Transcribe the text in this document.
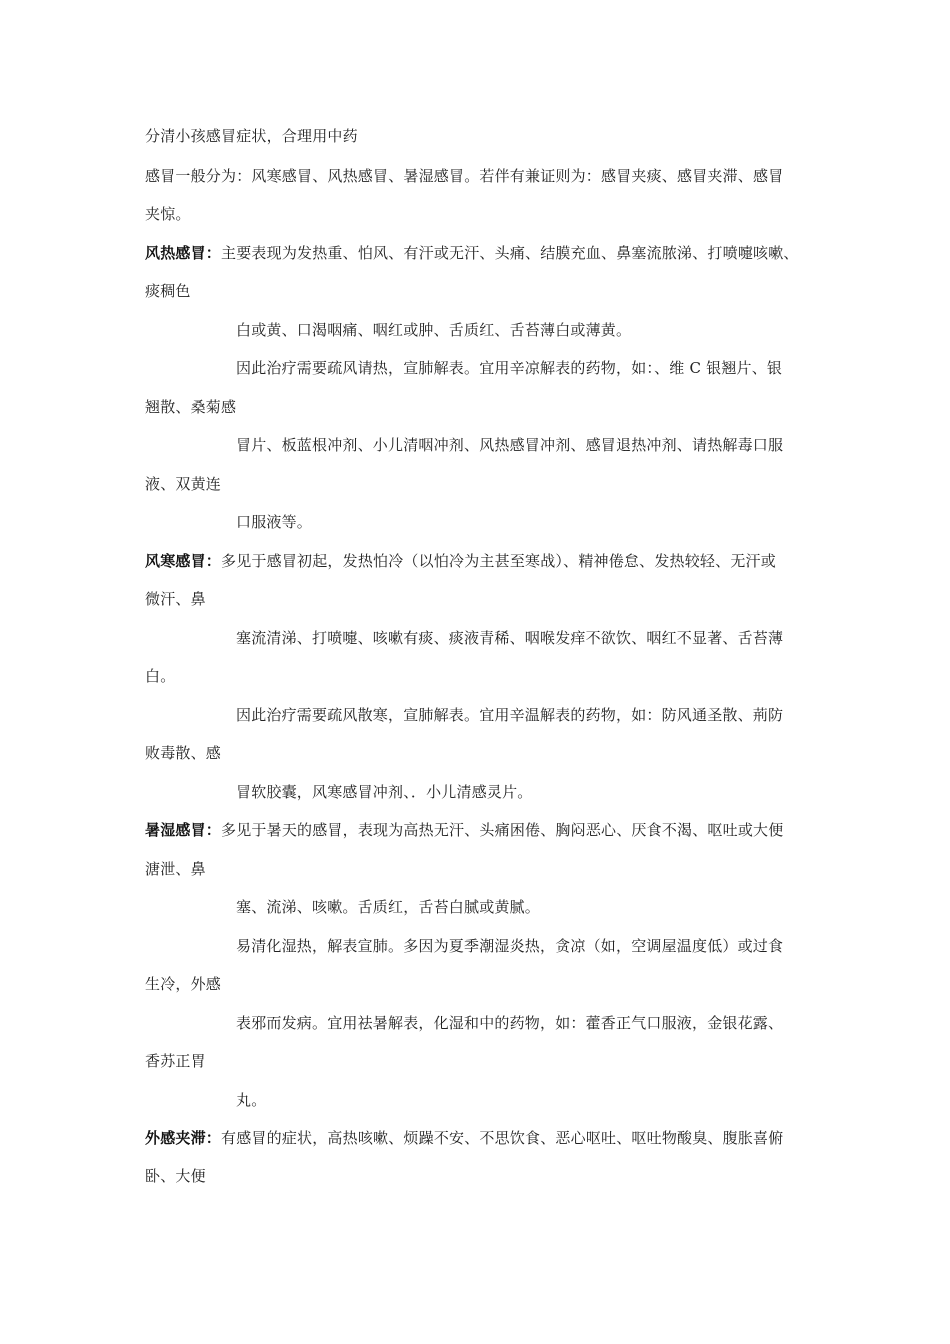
分清小孩感冒症状，合理用中药
感冒一般分为：风寒感冒、风热感冒、暑湿感冒。若伴有兼证则为：感冒夹痰、感冒夹滞、感冒
夹惊。
风热感冒：主要表现为发热重、怕风、有汗或无汗、头痛、结膜充血、鼻塞流脓涕、打喷嚏咳嗽、
痰稠色
白或黄、口渴咽痛、咽红或肿、舌质红、舌苔薄白或薄黄。
因此治疗需要疏风请热，宣肺解表。宜用辛凉解表的药物，如：、维 C 银翘片、银
翘散、桑菊感
冒片、板蓝根冲剂、小儿清咽冲剂、风热感冒冲剂、感冒退热冲剂、请热解毒口服
液、双黄连
口服液等。
风寒感冒：多见于感冒初起，发热怕冷（以怕冷为主甚至寒战）、精神倦怠、发热较轻、无汗或
微汗、鼻
塞流清涕、打喷嚏、咳嗽有痰、痰液青稀、咽喉发痒不欲饮、咽红不显著、舌苔薄
白。
因此治疗需要疏风散寒，宣肺解表。宜用辛温解表的药物，如：防风通圣散、荊防
败毒散、感
冒软胶囊，风寒感冒冲剂、．小儿清感灵片。
暑湿感冒：多见于暑天的感冒，表现为高热无汗、头痛困倦、胸闷恶心、厌食不渴、呕吐或大便
溏泄、鼻
塞、流涕、咳嗽。舌质红，舌苔白腻或黄腻。
易清化湿热，解表宣肺。多因为夏季潮湿炎热，贪凉（如，空调屋温度低）或过食
生冷，外感
表邪而发病。宜用祛暑解表，化湿和中的药物，如：藿香正气口服液，金银花露、
香苏正胃
丸。
外感夹滞：有感冒的症状，高热咳嗽、烦躁不安、不思饮食、恶心呕吐、呕吐物酸臭、腹胀喜俯
卧、大便
